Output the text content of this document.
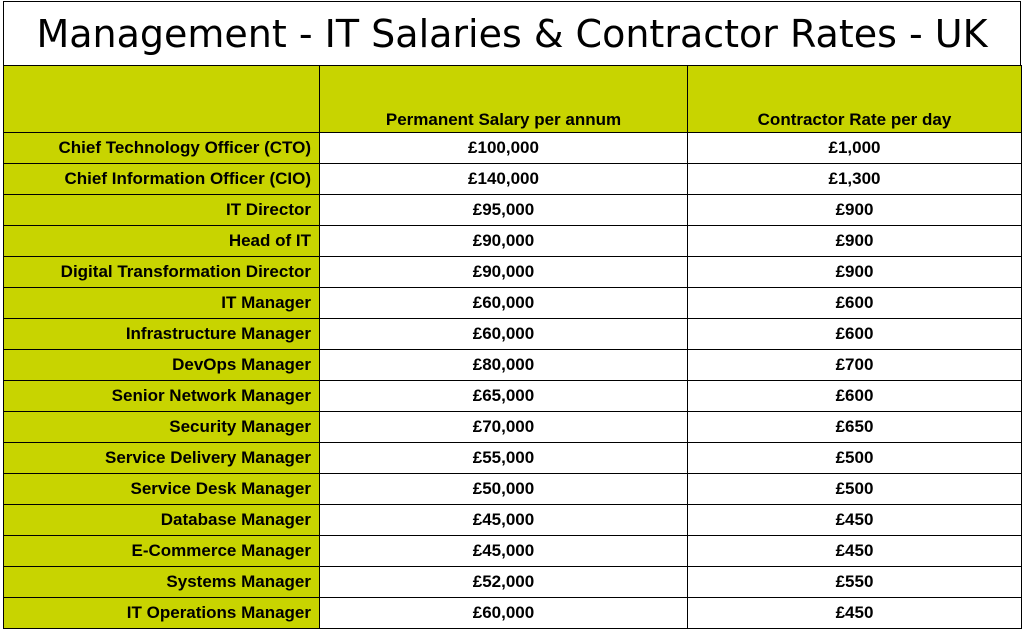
Management - IT Salaries & Contractor Rates - UK
	Permanent Salary per annum	Contractor Rate per day
Chief Technology Officer (CTO)	£100,000	£1,000
Chief Information Officer (CIO)	£140,000	£1,300
IT Director	£95,000	£900
Head of IT	£90,000	£900
Digital Transformation Director	£90,000	£900
IT Manager	£60,000	£600
Infrastructure Manager	£60,000	£600
DevOps Manager	£80,000	£700
Senior Network Manager	£65,000	£600
Security Manager	£70,000	£650
Service Delivery Manager	£55,000	£500
Service Desk Manager	£50,000	£500
Database Manager	£45,000	£450
E-Commerce Manager	£45,000	£450
Systems Manager	£52,000	£550
IT Operations Manager	£60,000	£450
